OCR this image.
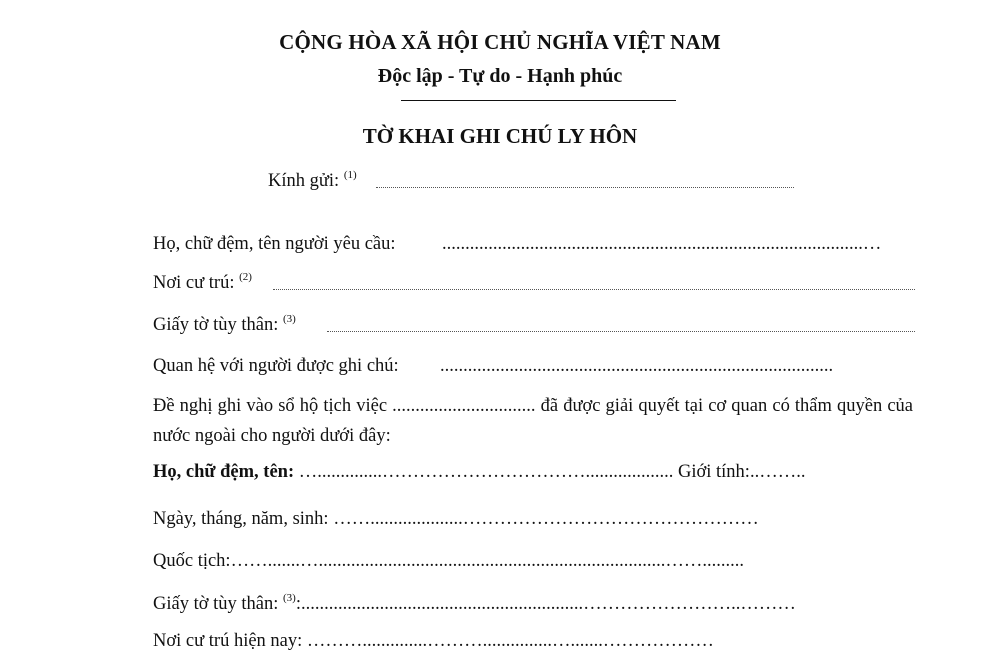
CỘNG HÒA XÃ HỘI CHỦ NGHĨA VIỆT NAM
Độc lập - Tự do - Hạnh phúc
TỜ KHAI GHI CHÚ LY HÔN
Kính gửi: $^{(1)}$
Họ, chữ đệm, tên người yêu cầu:	...........................................................................................…
Nơi cư trú: $^{(2)}$
Giấy tờ tùy thân: $^{(3)}$
Quan hệ với người được ghi chú: .....................................................................................
Đề nghị ghi vào sổ hộ tịch việc ............................... đã được giải quyết tại cơ quan có thẩm quyền của nước ngoài cho người dưới đây:
Họ, chữ đệm, tên: …..............……………………………................... Giới tính:..……..
Ngày, tháng, năm, sinh: ……....................…………………………………………
Quốc tịch:…….......…...........................................................................…….........
Giấy tờ tùy thân: $^{(3)}$:.............................................................……………………..………
Nơi cư trú hiện nay: ………..............………...............….......………………
